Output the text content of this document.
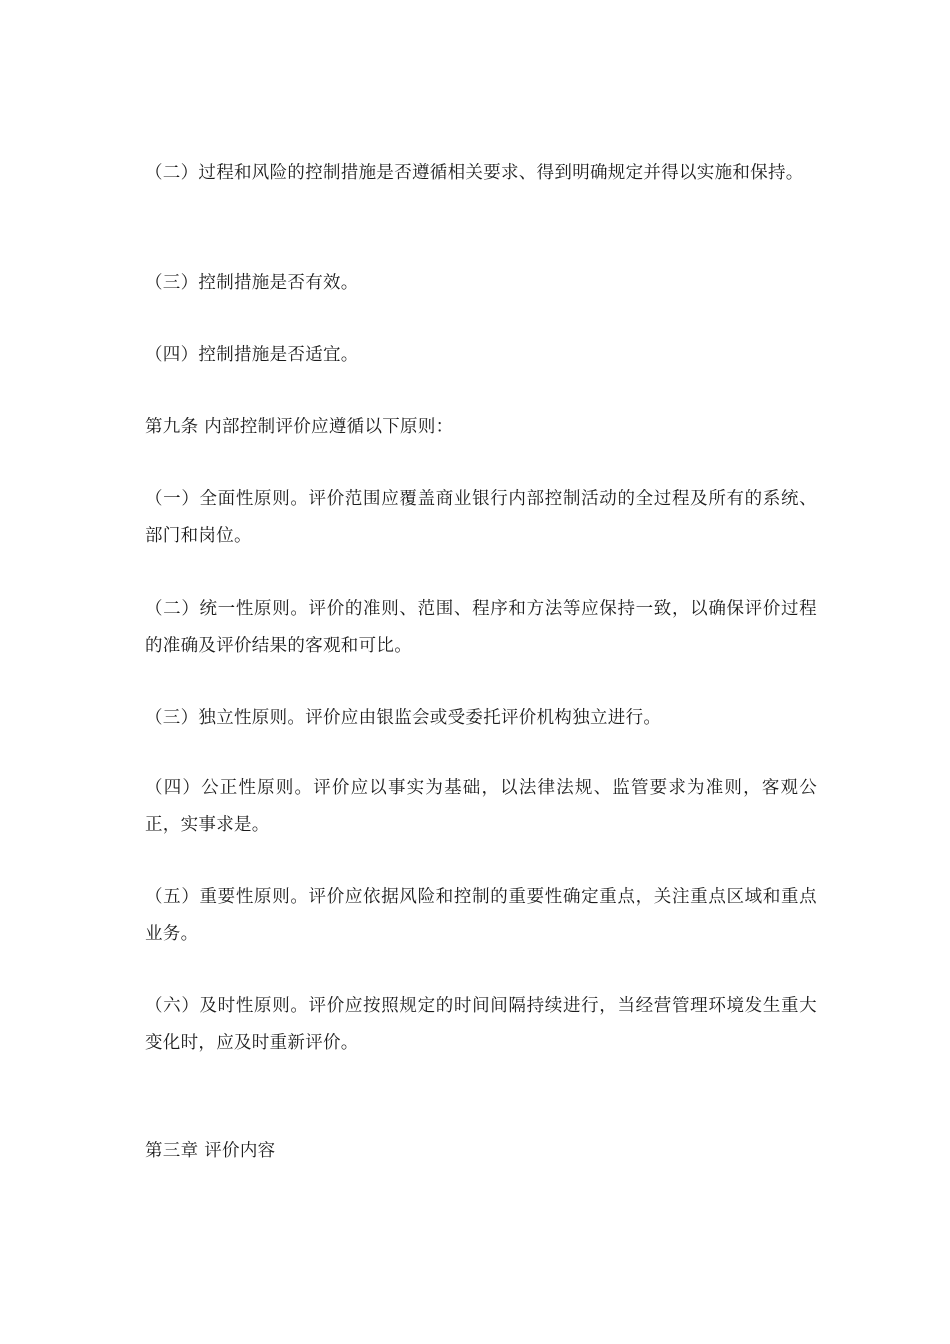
（二）过程和风险的控制措施是否遵循相关要求、得到明确规定并得以实施和保持。

（三）控制措施是否有效。

（四）控制措施是否适宜。

第九条 内部控制评价应遵循以下原则：

（一）全面性原则。评价范围应覆盖商业银行内部控制活动的全过程及所有的系统、部门和岗位。

（二）统一性原则。评价的准则、范围、程序和方法等应保持一致，以确保评价过程的准确及评价结果的客观和可比。

（三）独立性原则。评价应由银监会或受委托评价机构独立进行。

（四）公正性原则。评价应以事实为基础，以法律法规、监管要求为准则，客观公正，实事求是。

（五）重要性原则。评价应依据风险和控制的重要性确定重点，关注重点区域和重点业务。

（六）及时性原则。评价应按照规定的时间间隔持续进行，当经营管理环境发生重大变化时，应及时重新评价。

第三章 评价内容
